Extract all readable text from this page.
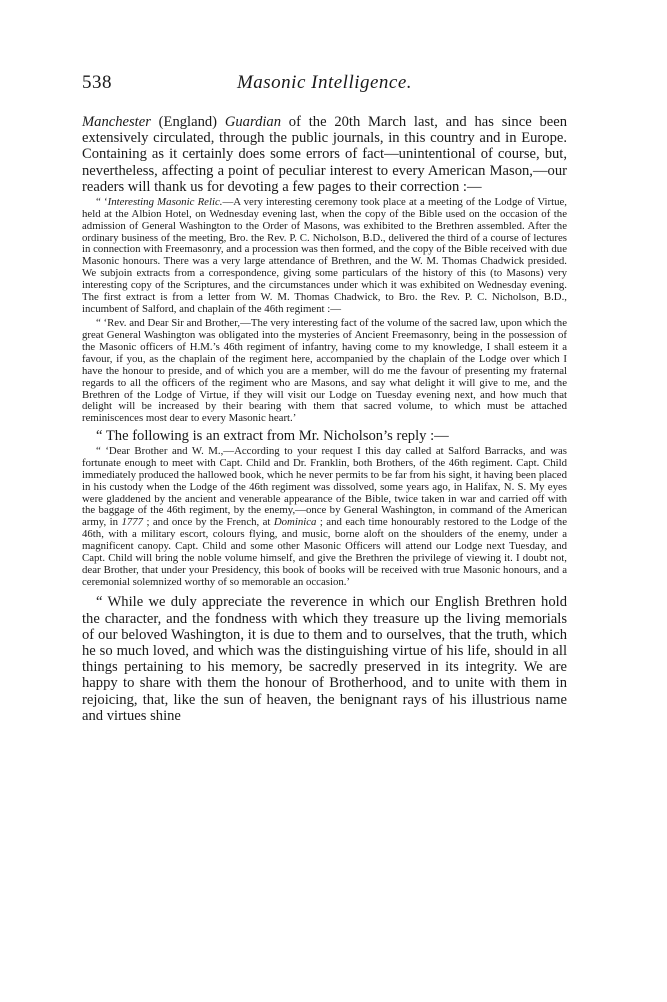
538	Masonic Intelligence.

Manchester (England) Guardian of the 20th March last, and has since been extensively circulated, through the public journals, in this country and in Europe. Containing as it certainly does some errors of fact—unintentional of course, but, nevertheless, affecting a point of peculiar interest to every American Mason,—our readers will thank us for devoting a few pages to their correction :—

“ ‘Interesting Masonic Relic.—A very interesting ceremony took place at a meeting of the Lodge of Virtue, held at the Albion Hotel, on Wednesday evening last, when the copy of the Bible used on the occasion of the admission of General Washington to the Order of Masons, was exhibited to the Brethren assembled. After the ordinary business of the meeting, Bro. the Rev. P. C. Nicholson, B.D., delivered the third of a course of lectures in connection with Freemasonry, and a procession was then formed, and the copy of the Bible received with due Masonic honours. There was a very large attendance of Brethren, and the W. M. Thomas Chadwick presided. We subjoin extracts from a correspondence, giving some particulars of the history of this (to Masons) very interesting copy of the Scriptures, and the circumstances under which it was exhibited on Wednesday evening. The first extract is from a letter from W. M. Thomas Chadwick, to Bro. the Rev. P. C. Nicholson, B.D., incumbent of Salford, and chaplain of the 46th regiment :—

“ ‘Rev. and Dear Sir and Brother,—The very interesting fact of the volume of the sacred law, upon which the great General Washington was obligated into the mysteries of Ancient Freemasonry, being in the possession of the Masonic officers of H.M.’s 46th regiment of infantry, having come to my knowledge, I shall esteem it a favour, if you, as the chaplain of the regiment here, accompanied by the chaplain of the Lodge over which I have the honour to preside, and of which you are a member, will do me the favour of presenting my fraternal regards to all the officers of the regiment who are Masons, and say what delight it will give to me, and the Brethren of the Lodge of Virtue, if they will visit our Lodge on Tuesday evening next, and how much that delight will be increased by their bearing with them that sacred volume, to which must be attached reminiscences most dear to every Masonic heart.’

“ The following is an extract from Mr. Nicholson’s reply :—

“ ‘Dear Brother and W. M.,—According to your request I this day called at Salford Barracks, and was fortunate enough to meet with Capt. Child and Dr. Franklin, both Brothers, of the 46th regiment. Capt. Child immediately produced the hallowed book, which he never permits to be far from his sight, it having been placed in his custody when the Lodge of the 46th regiment was dissolved, some years ago, in Halifax, N. S. My eyes were gladdened by the ancient and venerable appearance of the Bible, twice taken in war and carried off with the baggage of the 46th regiment, by the enemy,—once by General Washington, in command of the American army, in 1777 ; and once by the French, at Dominica ; and each time honourably restored to the Lodge of the 46th, with a military escort, colours flying, and music, borne aloft on the shoulders of the enemy, under a magnificent canopy. Capt. Child and some other Masonic Officers will attend our Lodge next Tuesday, and Capt. Child will bring the noble volume himself, and give the Brethren the privilege of viewing it. I doubt not, dear Brother, that under your Presidency, this book of books will be received with true Masonic honours, and a ceremonial solemnized worthy of so memorable an occasion.’

“ While we duly appreciate the reverence in which our English Brethren hold the character, and the fondness with which they treasure up the living memorials of our beloved Washington, it is due to them and to ourselves, that the truth, which he so much loved, and which was the distinguishing virtue of his life, should in all things pertaining to his memory, be sacredly preserved in its integrity. We are happy to share with them the honour of Brotherhood, and to unite with them in rejoicing, that, like the sun of heaven, the benignant rays of his illustrious name and virtues shine
